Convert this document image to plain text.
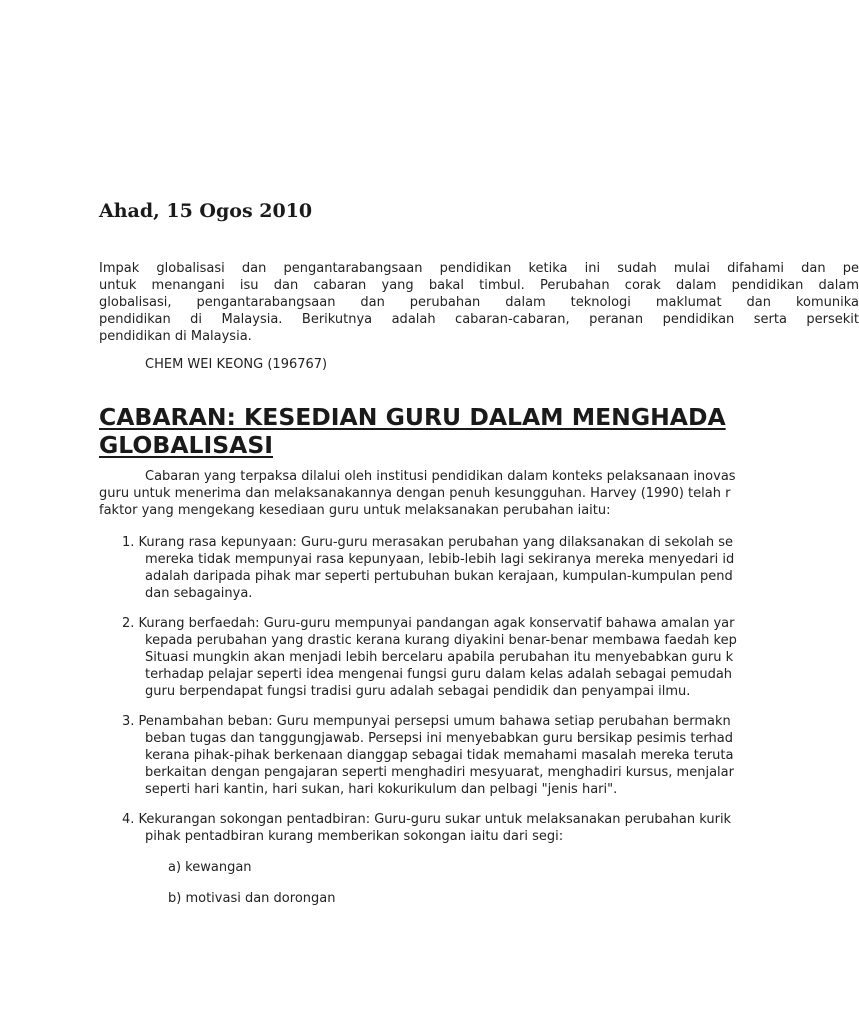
Ahad, 15 Ogos 2010
Impak globalisasi dan pengantarabangsaan pendidikan ketika ini sudah mulai difahami dan pe
untuk menangani isu dan cabaran yang bakal timbul. Perubahan corak dalam pendidikan dalam
globalisasi, pengantarabangsaan dan perubahan dalam teknologi maklumat dan komunika
pendidikan di Malaysia. Berikutnya adalah cabaran-cabaran, peranan pendidikan serta persekit
pendidikan di Malaysia.
CHEM WEI KEONG (196767)
CABARAN: KESEDIAN GURU DALAM MENGHADA
GLOBALISASI
Cabaran yang terpaksa dilalui oleh institusi pendidikan dalam konteks pelaksanaan inovas
guru untuk menerima dan melaksanakannya dengan penuh kesungguhan. Harvey (1990) telah r
faktor yang mengekang kesediaan guru untuk melaksanakan perubahan iaitu:
1. Kurang rasa kepunyaan: Guru-guru merasakan perubahan yang dilaksanakan di sekolah se
mereka tidak mempunyai rasa kepunyaan, lebib-lebih lagi sekiranya mereka menyedari id
adalah daripada pihak mar seperti pertubuhan bukan kerajaan, kumpulan-kumpulan pend
dan sebagainya.
2. Kurang berfaedah: Guru-guru mempunyai pandangan agak konservatif bahawa amalan yar
kepada perubahan yang drastic kerana kurang diyakini benar-benar membawa faedah kep
Situasi mungkin akan menjadi lebih bercelaru apabila perubahan itu menyebabkan guru k
terhadap pelajar seperti idea mengenai fungsi guru dalam kelas adalah sebagai pemudah
guru berpendapat fungsi tradisi guru adalah sebagai pendidik dan penyampai ilmu.
3. Penambahan beban: Guru mempunyai persepsi umum bahawa setiap perubahan bermakn
beban tugas dan tanggungjawab. Persepsi ini menyebabkan guru bersikap pesimis terhad
kerana pihak-pihak berkenaan dianggap sebagai tidak memahami masalah mereka teruta
berkaitan dengan pengajaran seperti menghadiri mesyuarat, menghadiri kursus, menjalar
seperti hari kantin, hari sukan, hari kokurikulum dan pelbagi "jenis hari".
4. Kekurangan sokongan pentadbiran: Guru-guru sukar untuk melaksanakan perubahan kurik
pihak pentadbiran kurang memberikan sokongan iaitu dari segi:
a) kewangan
b) motivasi dan dorongan
